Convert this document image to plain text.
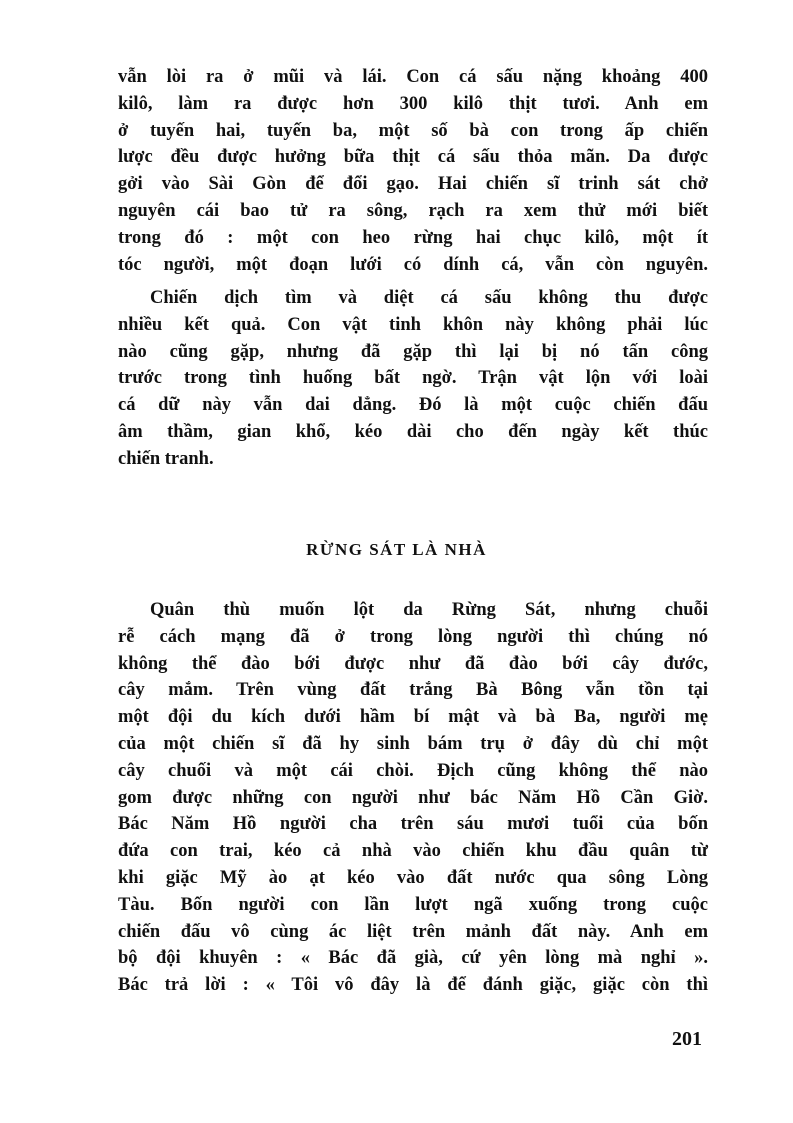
vẫn lòi ra ở mũi và lái. Con cá sấu nặng khoảng 400
kilô, làm ra được hơn 300 kilô thịt tươi. Anh em
ở tuyến hai, tuyến ba, một số bà con trong ấp chiến
lược đều được hưởng bữa thịt cá sấu thỏa mãn. Da được
gởi vào Sài Gòn để đổi gạo. Hai chiến sĩ trinh sát chở
nguyên cái bao tử ra sông, rạch ra xem thử mới biết
trong đó : một con heo rừng hai chục kilô, một ít
tóc người, một đoạn lưới có dính cá, vẫn còn nguyên.
Chiến dịch tìm và diệt cá sấu không thu được
nhiều kết quả. Con vật tinh khôn này không phải lúc
nào cũng gặp, nhưng đã gặp thì lại bị nó tấn công
trước trong tình huống bất ngờ. Trận vật lộn với loài
cá dữ này vẫn dai dẳng. Đó là một cuộc chiến đấu
âm thầm, gian khổ, kéo dài cho đến ngày kết thúc
chiến tranh.
RỪNG SÁT LÀ NHÀ
Quân thù muốn lột da Rừng Sát, nhưng chuỗi
rễ cách mạng đã ở trong lòng người thì chúng nó
không thể đào bới được như đã đào bới cây đước,
cây mắm. Trên vùng đất trắng Bà Bông vẫn tồn tại
một đội du kích dưới hầm bí mật và bà Ba, người mẹ
của một chiến sĩ đã hy sinh bám trụ ở đây dù chỉ một
cây chuối và một cái chòi. Địch cũng không thể nào
gom được những con người như bác Năm Hồ Cần Giờ.
Bác Năm Hồ người cha trên sáu mươi tuổi của bốn
đứa con trai, kéo cả nhà vào chiến khu đầu quân từ
khi giặc Mỹ ào ạt kéo vào đất nước qua sông Lòng
Tàu. Bốn người con lần lượt ngã xuống trong cuộc
chiến đấu vô cùng ác liệt trên mảnh đất này. Anh em
bộ đội khuyên : « Bác đã già, cứ yên lòng mà nghỉ ».
Bác trả lời : « Tôi vô đây là để đánh giặc, giặc còn thì
201
